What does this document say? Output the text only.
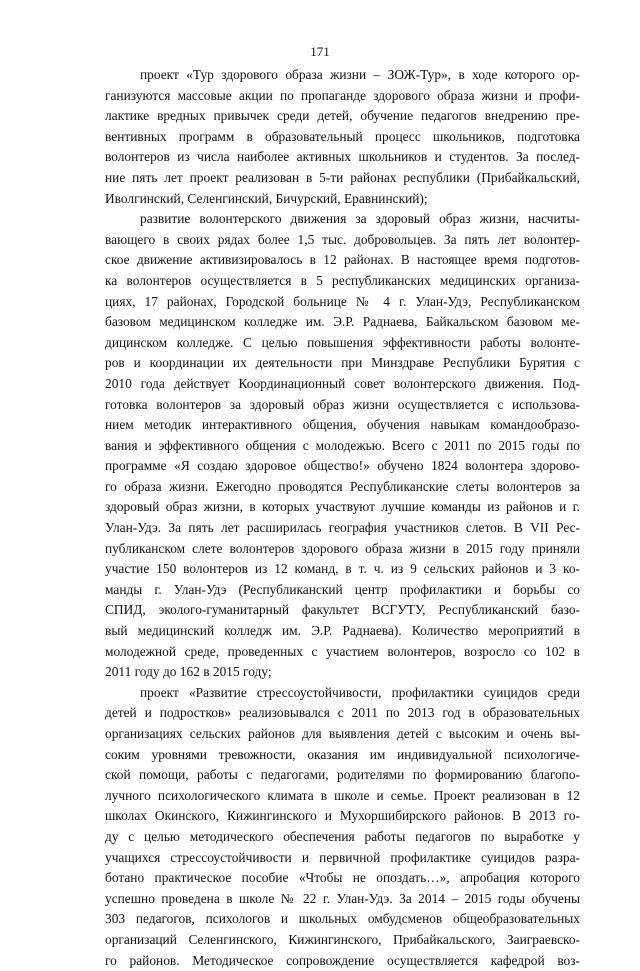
171
проект «Тур здорового образа жизни – ЗОЖ-Тур», в ходе которого ор-
ганизуются массовые акции по пропаганде здорового образа жизни и профи-
лактике вредных привычек среди детей, обучение педагогов внедрению пре-
вентивных программ в образовательный процесс школьников, подготовка
волонтеров из числа наиболее активных школьников и студентов. За послед-
ние пять лет проект реализован в 5-ти районах республики (Прибайкальский,
Иволгинский, Селенгинский, Бичурский, Еравнинский);
развитие волонтерского движения за здоровый образ жизни, насчиты-
вающего в своих рядах более 1,5 тыс. добровольцев. За пять лет волонтер-
ское движение активизировалось в 12 районах. В настоящее время подготов-
ка волонтеров осуществляется в 5 республиканских медицинских организа-
циях, 17 районах, Городской больнице № 4 г. Улан-Удэ, Республиканском
базовом медицинском колледже им. Э.Р. Раднаева, Байкальском базовом ме-
дицинском колледже. С целью повышения эффективности работы волонте-
ров и координации их деятельности при Минздраве Республики Бурятия с
2010 года действует Координационный совет волонтерского движения. Под-
готовка волонтеров за здоровый образ жизни осуществляется с использова-
нием методик интерактивного общения, обучения навыкам командообразо-
вания и эффективного общения с молодежью. Всего с 2011 по 2015 годы по
программе «Я создаю здоровое общество!» обучено 1824 волонтера здорово-
го образа жизни. Ежегодно проводятся Республиканские слеты волонтеров за
здоровый образ жизни, в которых участвуют лучшие команды из районов и г.
Улан-Удэ. За пять лет расширилась география участников слетов. В VII Рес-
публиканском слете волонтеров здорового образа жизни в 2015 году приняли
участие 150 волонтеров из 12 команд, в т. ч. из 9 сельских районов и 3 ко-
манды г. Улан-Удэ (Республиканский центр профилактики и борьбы со
СПИД, эколого-гуманитарный факультет ВСГУТУ, Республиканский базо-
вый медицинский колледж им. Э.Р. Раднаева). Количество мероприятий в
молодежной среде, проведенных с участием волонтеров, возросло со 102 в
2011 году до 162 в 2015 году;
проект «Развитие стрессоустойчивости, профилактики суицидов среди
детей и подростков» реализовывался с 2011 по 2013 год в образовательных
организациях сельских районов для выявления детей с высоким и очень вы-
соким уровнями тревожности, оказания им индивидуальной психологиче-
ской помощи, работы с педагогами, родителями по формированию благопо-
лучного психологического климата в школе и семье. Проект реализован в 12
школах Окинского, Кижингинского и Мухоршибирского районов. В 2013 го-
ду с целью методического обеспечения работы педагогов по выработке у
учащихся стрессоустойчивости и первичной профилактике суицидов разра-
ботано практическое пособие «Чтобы не опоздать…», апробация которого
успешно проведена в школе № 22 г. Улан-Удэ. За 2014 – 2015 годы обучены
303 педагогов, психологов и школьных омбудсменов общеобразовательных
организаций Селенгинского, Кижингинского, Прибайкальского, Заиграевско-
го районов. Методическое сопровождение осуществляется кафедрой воз-
